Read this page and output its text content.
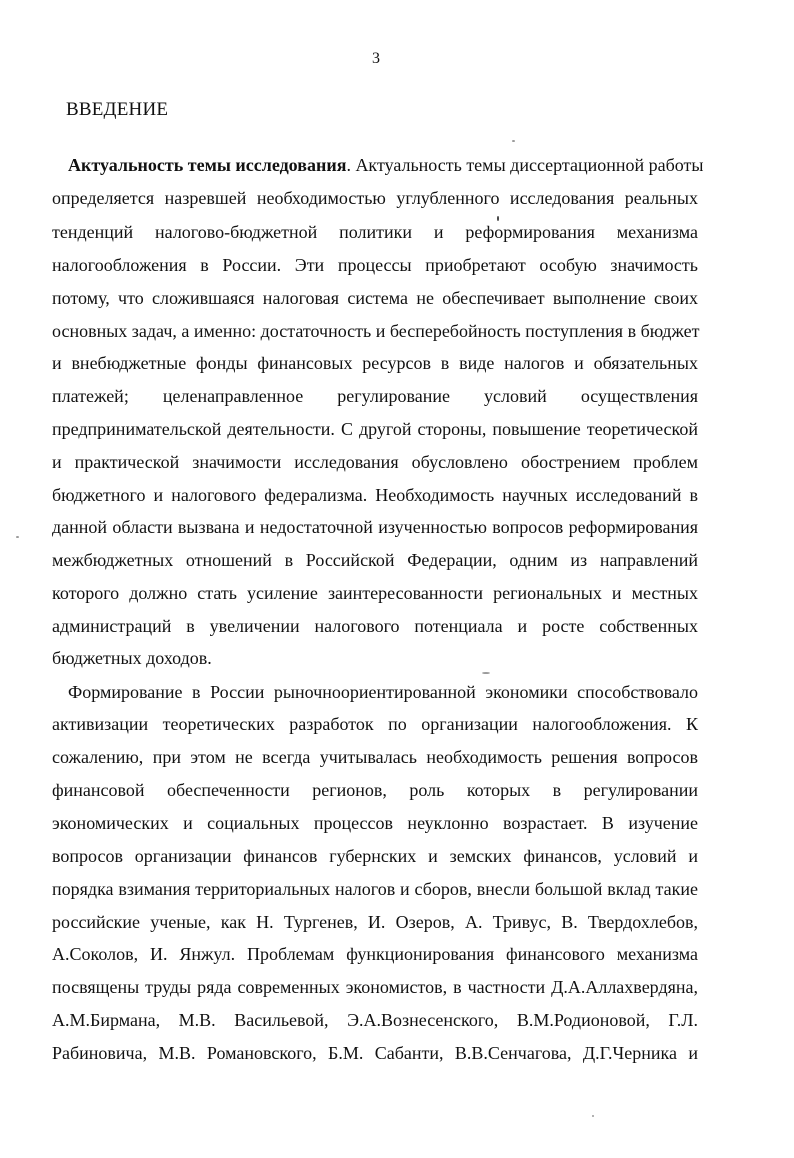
3
ВВЕДЕНИЕ
Актуальность темы исследования. Актуальность темы диссертационной работы
определяется назревшей необходимостью углубленного исследования реальных
тенденций налогово-бюджетной политики и реформирования механизма
налогообложения в России. Эти процессы приобретают особую значимость
потому, что сложившаяся налоговая система не обеспечивает выполнение своих
основных задач, а именно: достаточность и бесперебойность поступления в бюджет
и внебюджетные фонды финансовых ресурсов в виде налогов и обязательных
платежей; целенаправленное регулирование условий осуществления
предпринимательской деятельности. С другой стороны, повышение теоретической
и практической значимости исследования обусловлено обострением проблем
бюджетного и налогового федерализма. Необходимость научных исследований в
данной области вызвана и недостаточной изученностью вопросов реформирования
межбюджетных отношений в Российской Федерации, одним из направлений
которого должно стать усиление заинтересованности региональных и местных
администраций в увеличении налогового потенциала и росте собственных
бюджетных доходов.
Формирование в России рыночноориентированной экономики способствовало
активизации теоретических разработок по организации налогообложения. К
сожалению, при этом не всегда учитывалась необходимость решения вопросов
финансовой обеспеченности регионов, роль которых в регулировании
экономических и социальных процессов неуклонно возрастает. В изучение
вопросов организации финансов губернских и земских финансов, условий и
порядка взимания территориальных налогов и сборов, внесли большой вклад такие
российские ученые, как Н. Тургенев, И. Озеров, А. Тривус, В. Твердохлебов,
А.Соколов, И. Янжул. Проблемам функционирования финансового механизма
посвящены труды ряда современных экономистов, в частности Д.А.Аллахвердяна,
А.М.Бирмана, М.В. Васильевой, Э.А.Вознесенского, В.М.Родионовой, Г.Л.
Рабиновича, М.В. Романовского, Б.М. Сабанти, В.В.Сенчагова, Д.Г.Черника и
